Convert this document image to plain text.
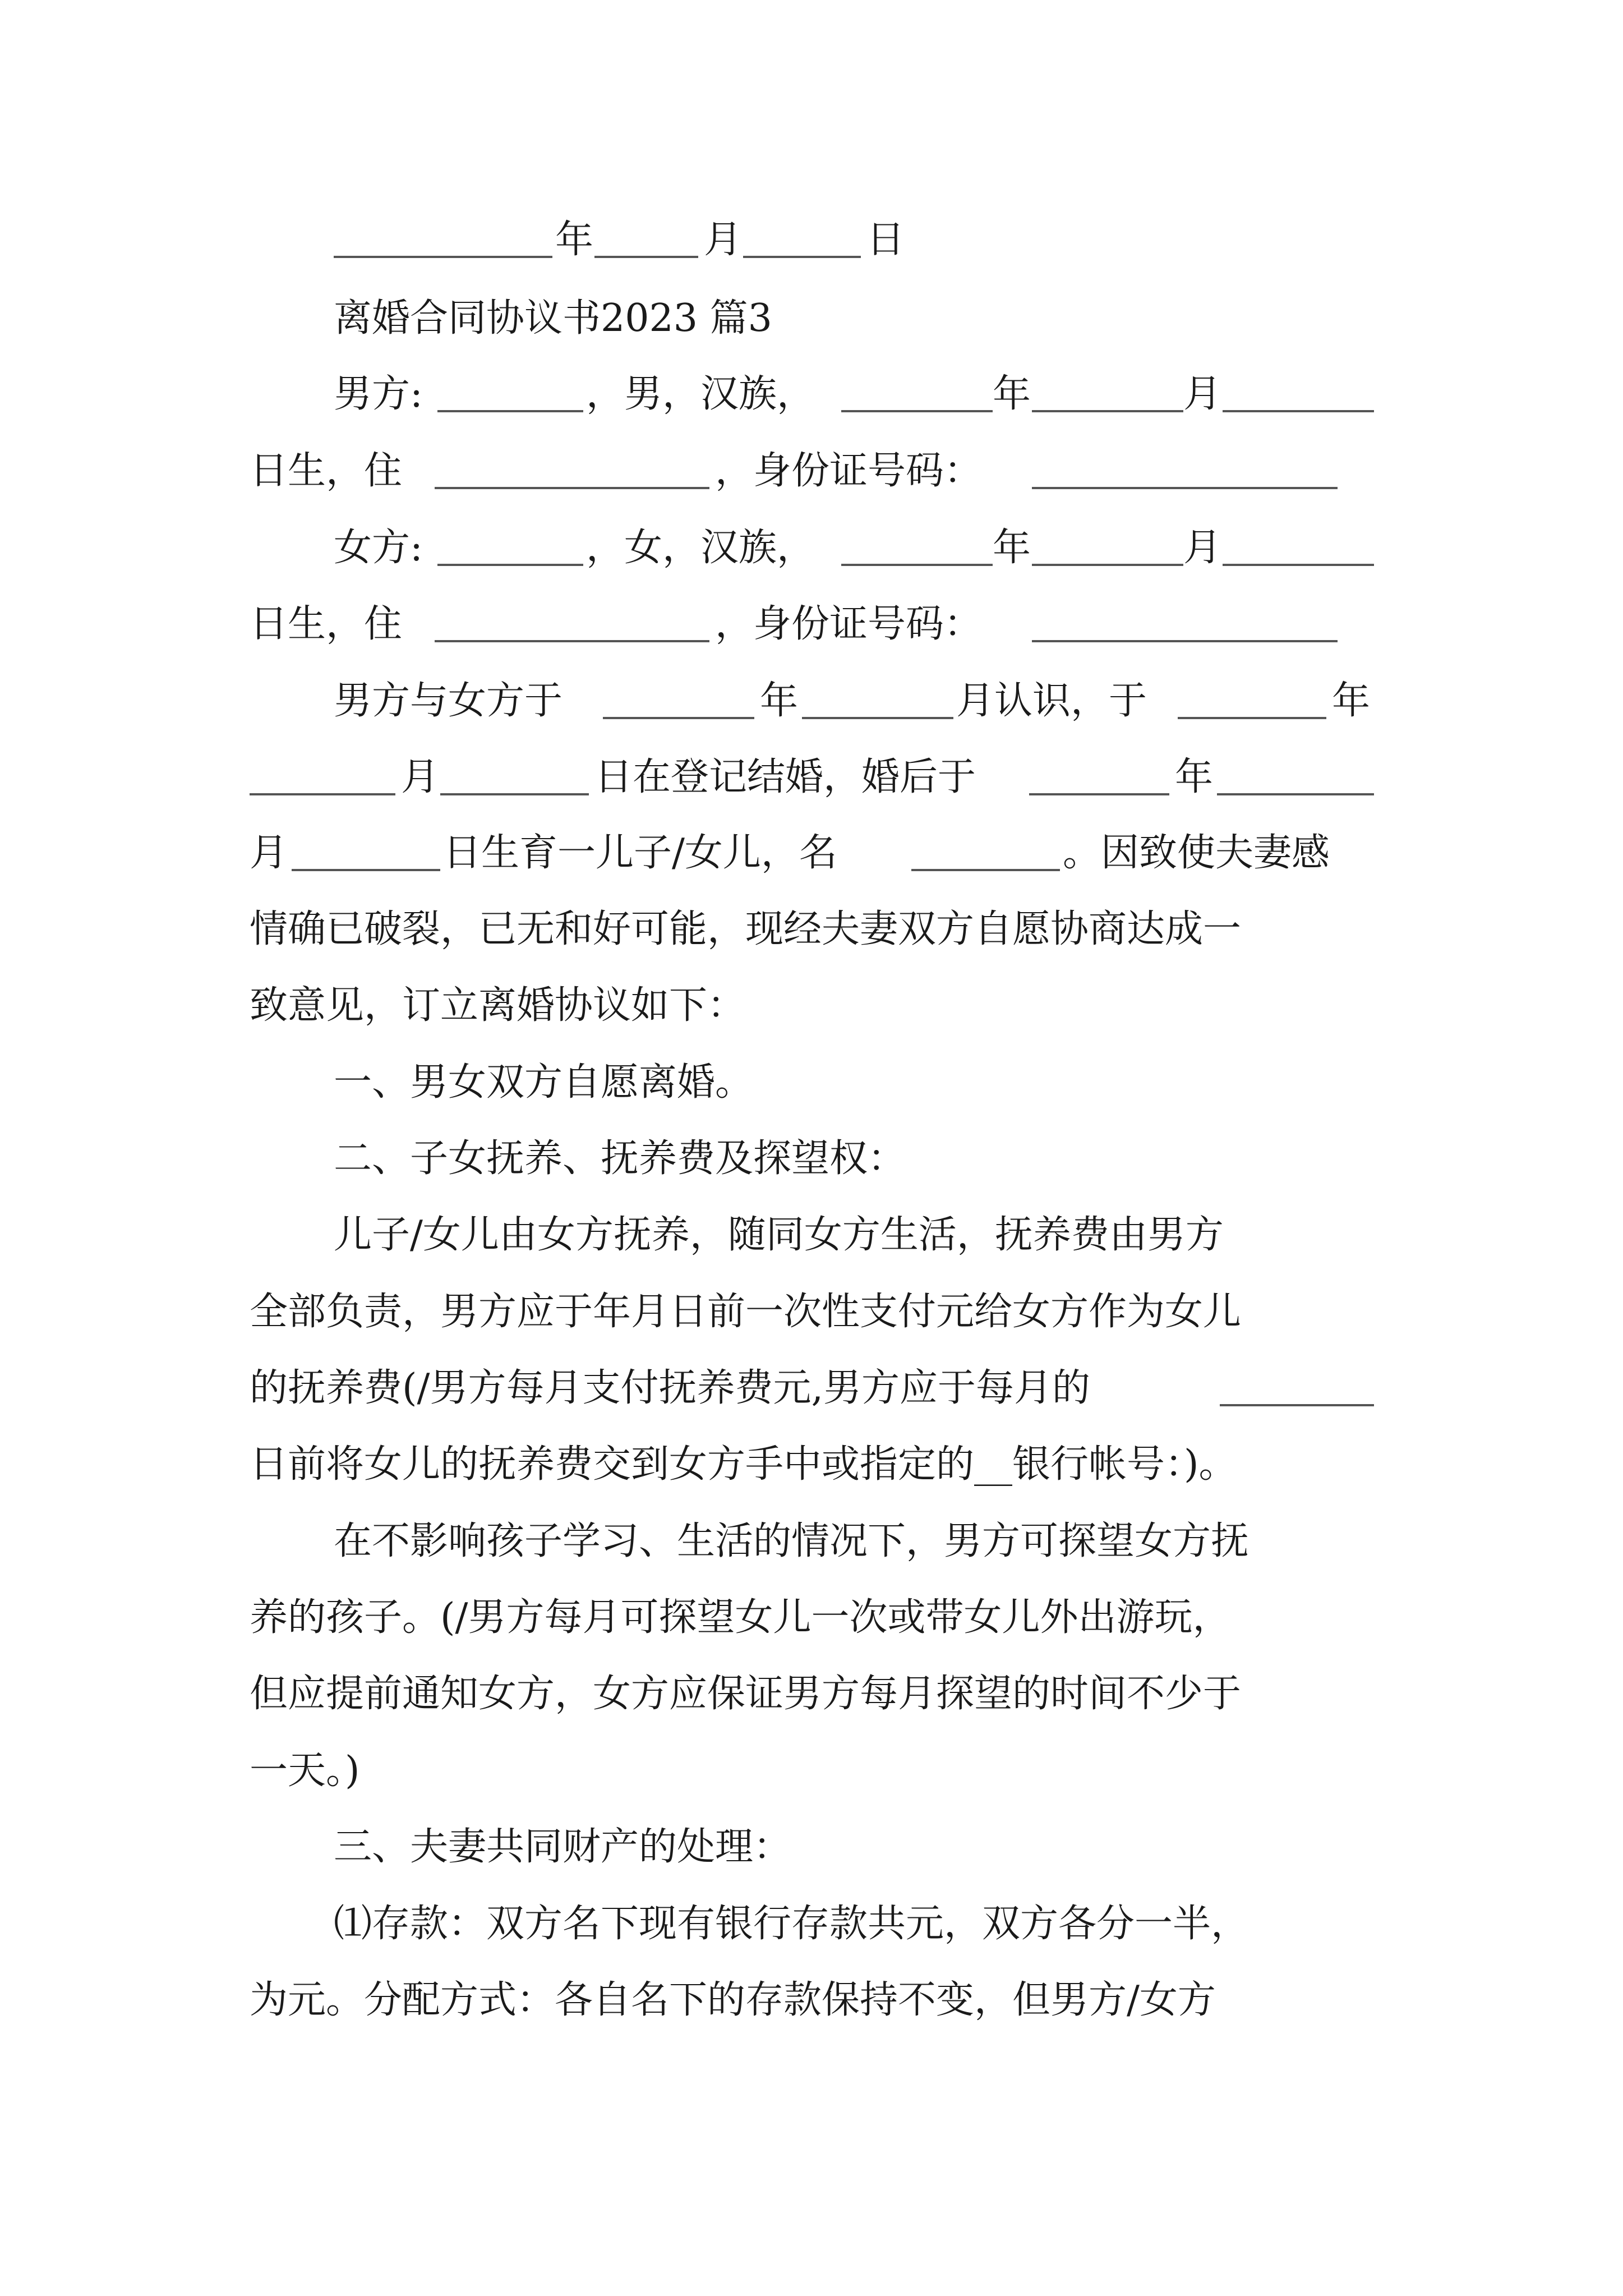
年

	月

	日

离婚合同协议书2023 篇3

男方:

	，男，汉族，

	年

	月

日生，住

	，身份证号码：

女方:

	，女，汉族，

	年

	月

日生，住

	，身份证号码：

男方与女方于

	年

	月认识，于

	年

月

	日在登记结婚，婚后于

	年

月

	日生育一儿子/女儿，名

	。因致使夫妻感

情确已破裂，已无和好可能，现经夫妻双方自愿协商达成一

致意见，订立离婚协议如下：

一、男女双方自愿离婚。

二、子女抚养、抚养费及探望权：

儿子/女儿由女方抚养，随同女方生活，抚养费由男方

全部负责，男方应于年月日前一次性支付元给女方作为女儿

的抚养费(/男方每月支付抚养费元,男方应于每月的

日前将女儿的抚养费交到女方手中或指定的__银行帐号：)。

在不影响孩子学习、生活的情况下，男方可探望女方抚

养的孩子。(/男方每月可探望女儿一次或带女儿外出游玩，

但应提前通知女方，女方应保证男方每月探望的时间不少于

一天。)

三、夫妻共同财产的处理：

⑴存款：双方名下现有银行存款共元，双方各分一半，

为元。分配方式：各自名下的存款保持不变，但男方/女方
